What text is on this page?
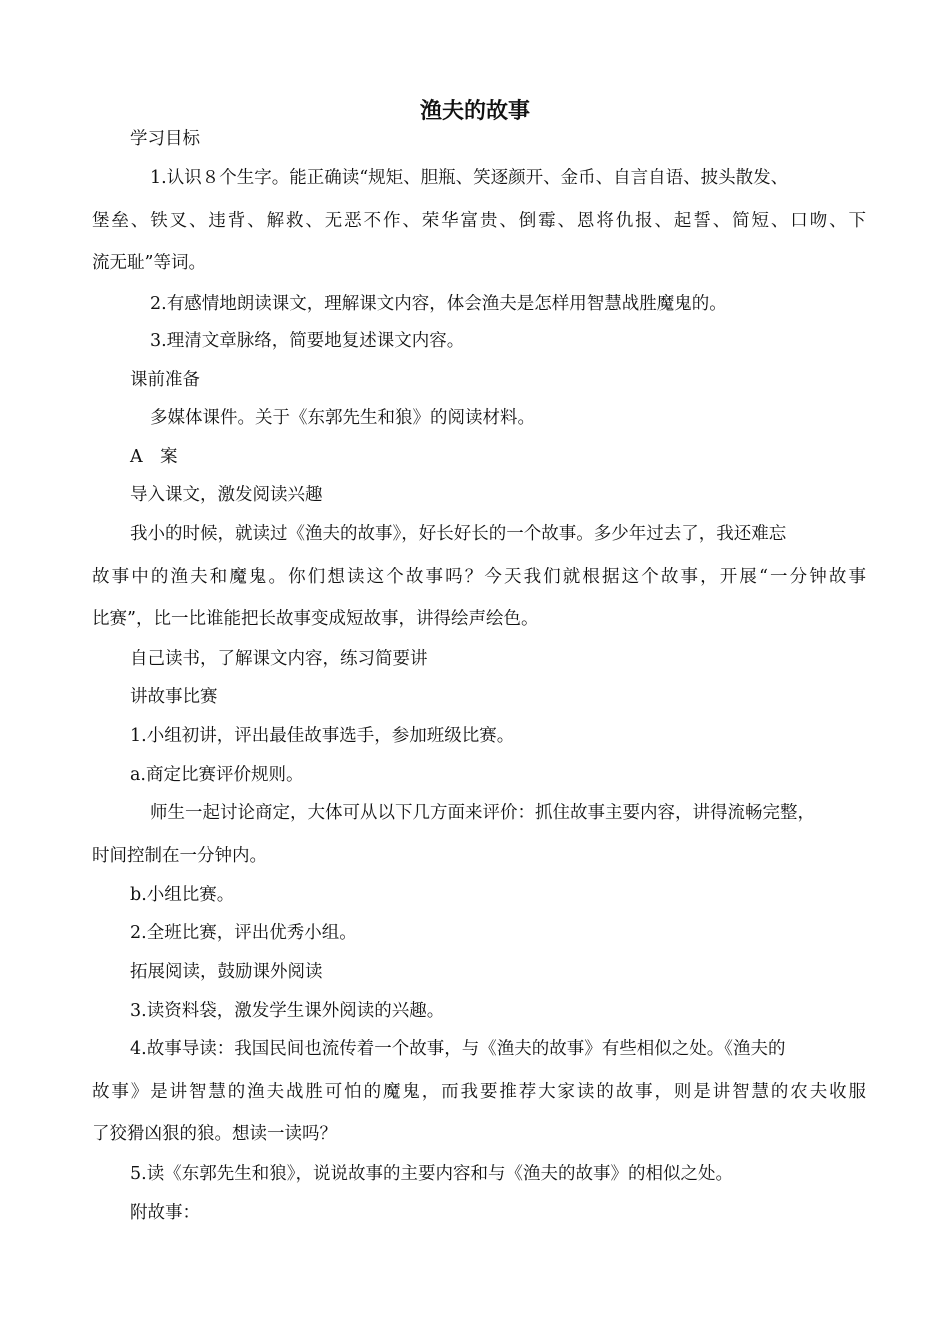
渔夫的故事

学习目标

1.认识８个生字。能正确读“规矩、胆瓶、笑逐颜开、金币、自言自语、披头散发、

堡垒、铁叉、违背、解救、无恶不作、荣华富贵、倒霉、恩将仇报、起誓、简短、口吻、下

流无耻”等词。

2.有感情地朗读课文，理解课文内容，体会渔夫是怎样用智慧战胜魔鬼的。

3.理清文章脉络，简要地复述课文内容。

课前准备

多媒体课件。关于《东郭先生和狼》的阅读材料。

A　案

导入课文，激发阅读兴趣

我小的时候，就读过《渔夫的故事》，好长好长的一个故事。多少年过去了，我还难忘

故事中的渔夫和魔鬼。你们想读这个故事吗？今天我们就根据这个故事，开展“一分钟故事

比赛”，比一比谁能把长故事变成短故事，讲得绘声绘色。

自己读书，了解课文内容，练习简要讲

讲故事比赛

1.小组初讲，评出最佳故事选手，参加班级比赛。

a.商定比赛评价规则。

师生一起讨论商定，大体可从以下几方面来评价：抓住故事主要内容，讲得流畅完整，

时间控制在一分钟内。

b.小组比赛。

2.全班比赛，评出优秀小组。

拓展阅读，鼓励课外阅读

3.读资料袋，激发学生课外阅读的兴趣。

4.故事导读：我国民间也流传着一个故事，与《渔夫的故事》有些相似之处。《渔夫的

故事》是讲智慧的渔夫战胜可怕的魔鬼，而我要推荐大家读的故事，则是讲智慧的农夫收服

了狡猾凶狠的狼。想读一读吗？

5.读《东郭先生和狼》，说说故事的主要内容和与《渔夫的故事》的相似之处。

附故事：
